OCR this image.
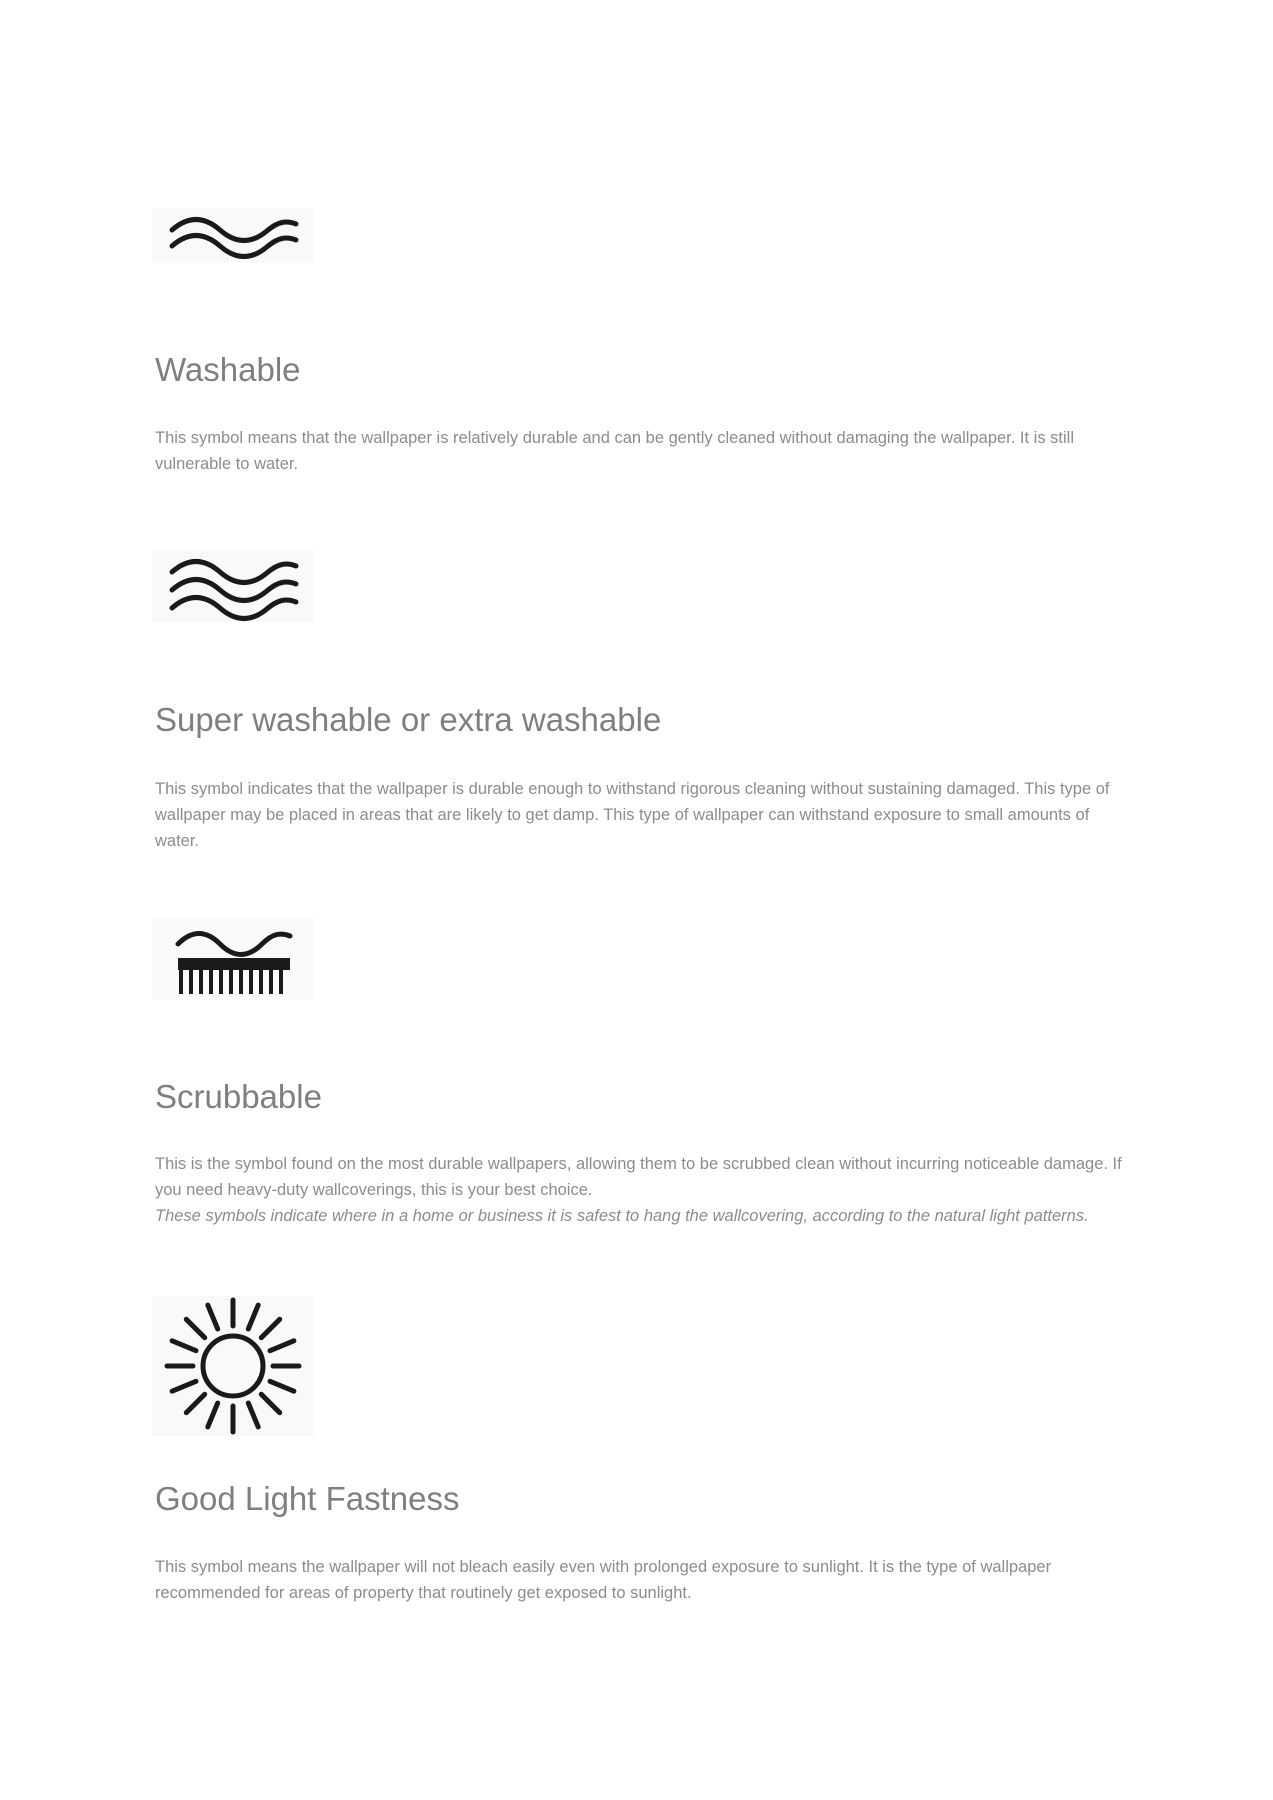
Washable

This symbol means that the wallpaper is relatively durable and can be gently cleaned without damaging the wallpaper. It is still vulnerable to water.

Super washable or extra washable

This symbol indicates that the wallpaper is durable enough to withstand rigorous cleaning without sustaining damaged. This type of wallpaper may be placed in areas that are likely to get damp. This type of wallpaper can withstand exposure to small amounts of water.

Scrubbable

This is the symbol found on the most durable wallpapers, allowing them to be scrubbed clean without incurring noticeable damage. If you need heavy-duty wallcoverings, this is your best choice.

These symbols indicate where in a home or business it is safest to hang the wallcovering, according to the natural light patterns.

Good Light Fastness

This symbol means the wallpaper will not bleach easily even with prolonged exposure to sunlight. It is the type of wallpaper recommended for areas of property that routinely get exposed to sunlight.
